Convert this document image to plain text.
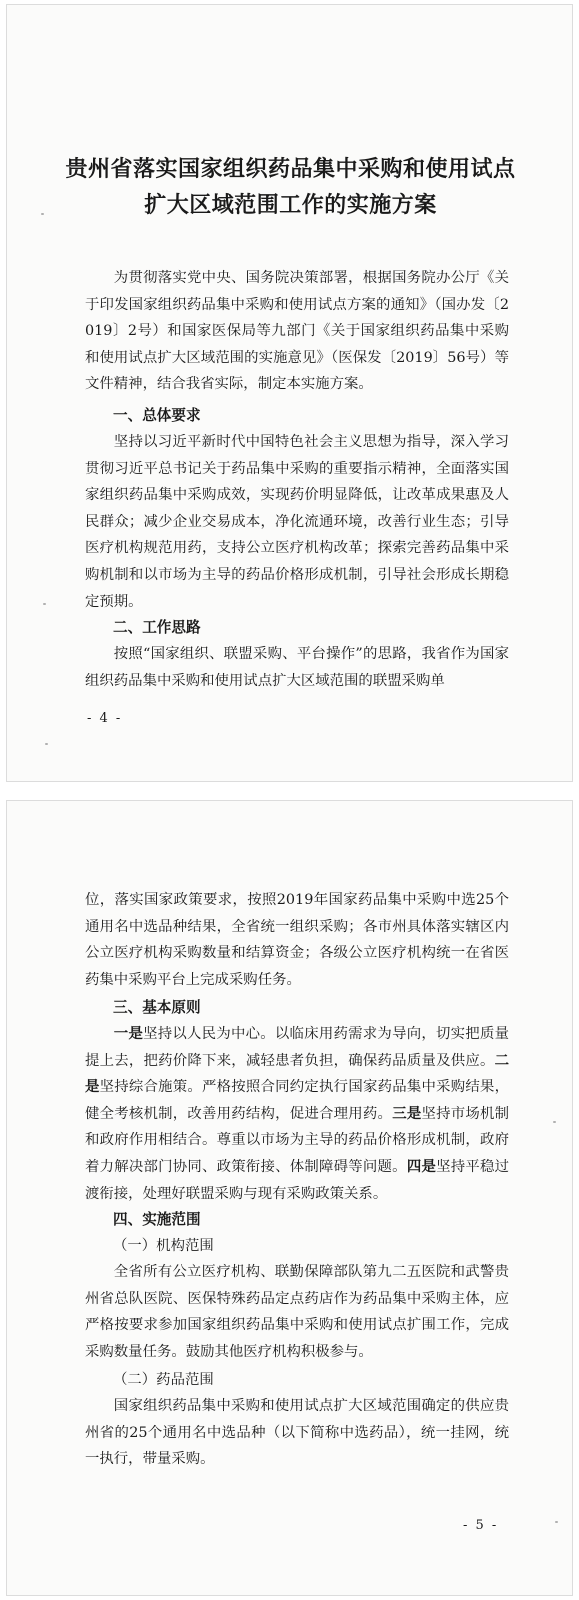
贵州省落实国家组织药品集中采购和使用试点
扩大区域范围工作的实施方案

为贯彻落实党中央、国务院决策部署，根据国务院办公厅《关于印发国家组织药品集中采购和使用试点方案的通知》（国办发〔2019〕2号）和国家医保局等九部门《关于国家组织药品集中采购和使用试点扩大区域范围的实施意见》（医保发〔2019〕56号）等文件精神，结合我省实际，制定本实施方案。

一、总体要求

坚持以习近平新时代中国特色社会主义思想为指导，深入学习贯彻习近平总书记关于药品集中采购的重要指示精神，全面落实国家组织药品集中采购成效，实现药价明显降低，让改革成果惠及人民群众；减少企业交易成本，净化流通环境，改善行业生态；引导医疗机构规范用药，支持公立医疗机构改革；探索完善药品集中采购机制和以市场为主导的药品价格形成机制，引导社会形成长期稳定预期。

二、工作思路

按照“国家组织、联盟采购、平台操作”的思路，我省作为国家组织药品集中采购和使用试点扩大区域范围的联盟采购单

- 4 -

位，落实国家政策要求，按照2019年国家药品集中采购中选25个通用名中选品种结果，全省统一组织采购；各市州具体落实辖区内公立医疗机构采购数量和结算资金；各级公立医疗机构统一在省医药集中采购平台上完成采购任务。

三、基本原则

一是坚持以人民为中心。以临床用药需求为导向，切实把质量提上去，把药价降下来，减轻患者负担，确保药品质量及供应。二是坚持综合施策。严格按照合同约定执行国家药品集中采购结果，健全考核机制，改善用药结构，促进合理用药。三是坚持市场机制和政府作用相结合。尊重以市场为主导的药品价格形成机制，政府着力解决部门协同、政策衔接、体制障碍等问题。四是坚持平稳过渡衔接，处理好联盟采购与现有采购政策关系。

四、实施范围
（一）机构范围

全省所有公立医疗机构、联勤保障部队第九二五医院和武警贵州省总队医院、医保特殊药品定点药店作为药品集中采购主体，应严格按要求参加国家组织药品集中采购和使用试点扩围工作，完成采购数量任务。鼓励其他医疗机构积极参与。

（二）药品范围

国家组织药品集中采购和使用试点扩大区域范围确定的供应贵州省的25个通用名中选品种（以下简称中选药品），统一挂网，统一执行，带量采购。

- 5 -
